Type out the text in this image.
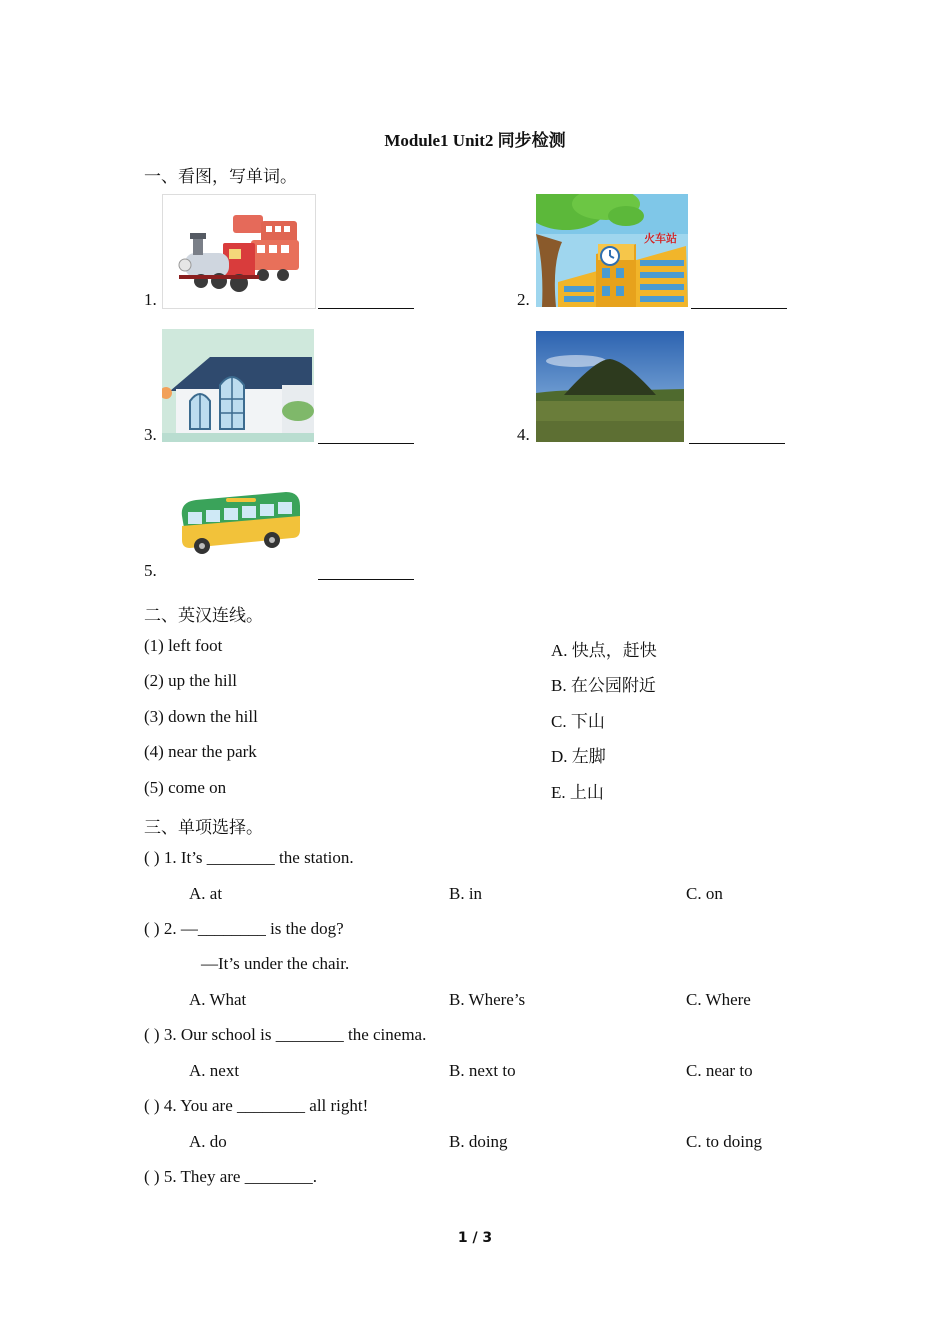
Module1 Unit2 同步检测
一、看图，写单词。
1.	2.
火车站
3.	4.
5.
二、英汉连线。
(1) left foot
(2) up the hill
(3) down the hill
(4) near the park
(5) come on
A. 快点，赶快
B. 在公园附近
C. 下山
D. 左脚
E. 上山
三、单项选择。
( ) 1. It’s ________ the station.
A. at	B. in	C. on
( ) 2. —________ is the dog?
—It’s under the chair.
A. What	B. Where’s	C. Where
( ) 3. Our school is ________ the cinema.
A. next	B. next to	C. near to
( ) 4. You are ________ all right!
A. do	B. doing	C. to doing
( ) 5. They are ________.
1 / 3
